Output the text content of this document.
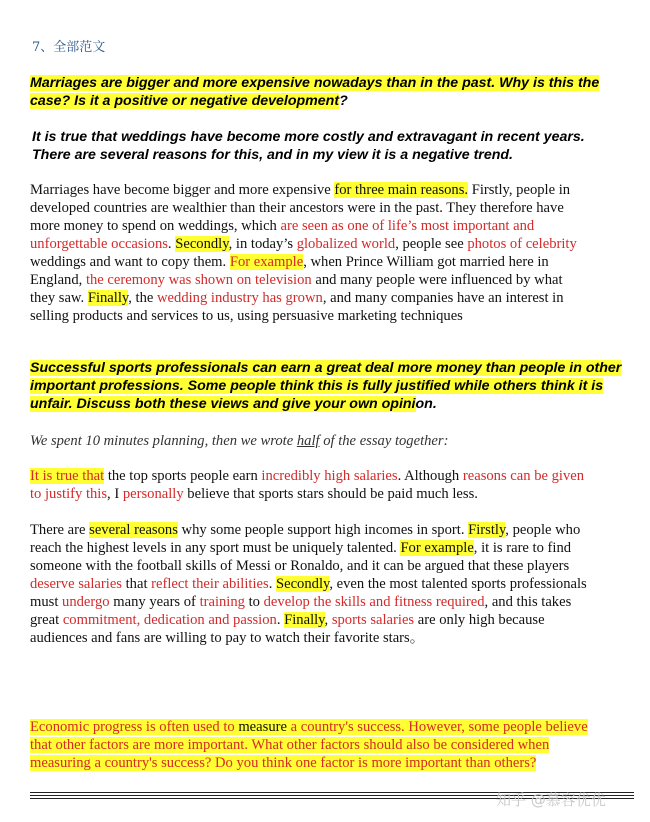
7、全部范文
Marriages are bigger and more expensive nowadays than in the past. Why is this the case? Is it a positive or negative development?
It is true that weddings have become more costly and extravagant in recent years. There are several reasons for this, and in my view it is a negative trend.
Marriages have become bigger and more expensive for three main reasons. Firstly, people in developed countries are wealthier than their ancestors were in the past. They therefore have more money to spend on weddings, which are seen as one of life’s most important and unforgettable occasions. Secondly, in today’s globalized world, people see photos of celebrity weddings and want to copy them. For example, when Prince William got married here in England, the ceremony was shown on television and many people were influenced by what they saw. Finally, the wedding industry has grown, and many companies have an interest in selling products and services to us, using persuasive marketing techniques
Successful sports professionals can earn a great deal more money than people in other important professions. Some people think this is fully justified while others think it is unfair. Discuss both these views and give your own opinion.
We spent 10 minutes planning, then we wrote half of the essay together:
It is true that the top sports people earn incredibly high salaries. Although reasons can be given to justify this, I personally believe that sports stars should be paid much less.
There are several reasons why some people support high incomes in sport. Firstly, people who reach the highest levels in any sport must be uniquely talented. For example, it is rare to find someone with the football skills of Messi or Ronaldo, and it can be argued that these players deserve salaries that reflect their abilities. Secondly, even the most talented sports professionals must undergo many years of training to develop the skills and fitness required, and this takes great commitment, dedication and passion. Finally, sports salaries are only high because audiences and fans are willing to pay to watch their favorite stars。
Economic progress is often used to measure a country's success. However, some people believe that other factors are more important. What other factors should also be considered when measuring a country's success? Do you think one factor is more important than others?
知乎 @慕容优优
